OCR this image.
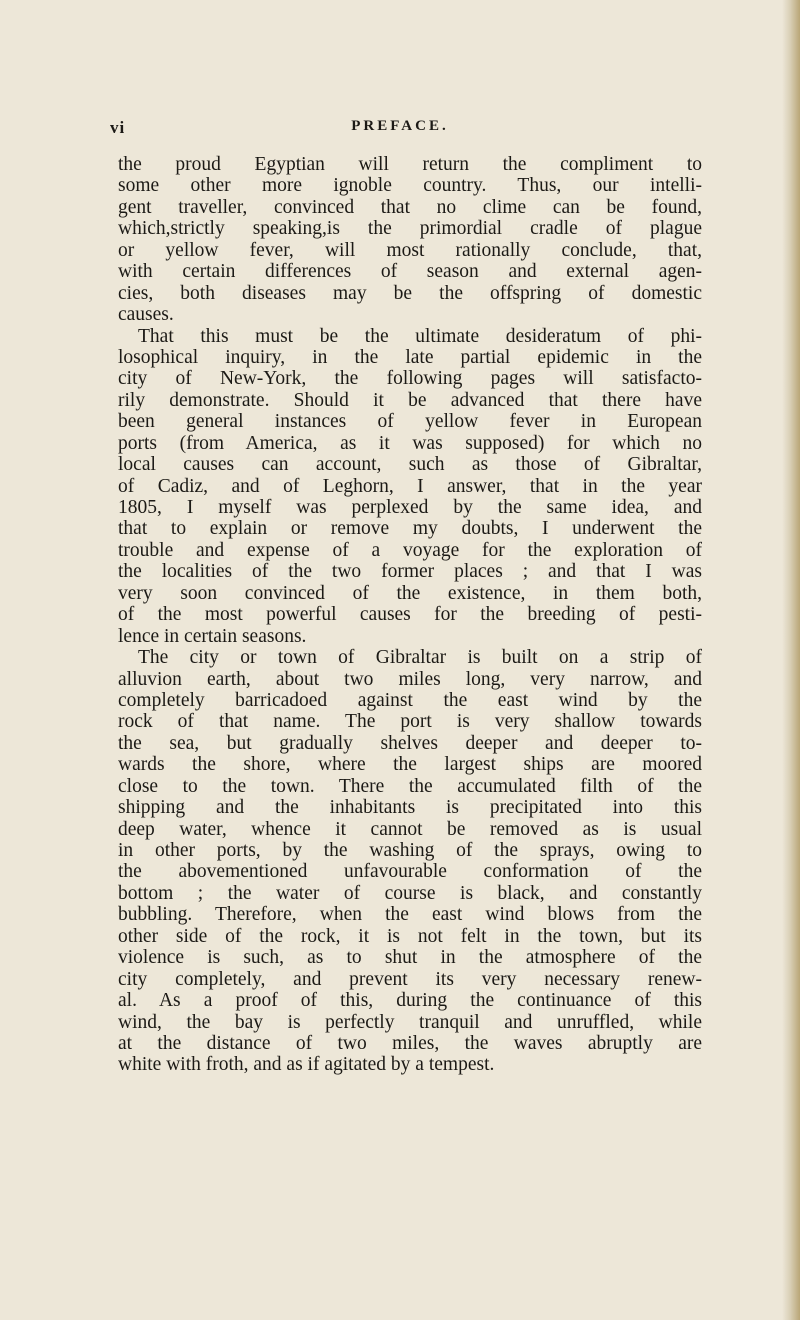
vi	PREFACE.
the proud Egyptian will return the compliment to
some other more ignoble country. Thus, our intelli-
gent traveller, convinced that no clime can be found,
which,strictly speaking,is the primordial cradle of plague
or yellow fever, will most rationally conclude, that,
with certain differences of season and external agen-
cies, both diseases may be the offspring of domestic
causes.
That this must be the ultimate desideratum of phi-
losophical inquiry, in the late partial epidemic in the
city of New-York, the following pages will satisfacto-
rily demonstrate. Should it be advanced that there have
been general instances of yellow fever in European
ports (from America, as it was supposed) for which no
local causes can account, such as those of Gibraltar,
of Cadiz, and of Leghorn, I answer, that in the year
1805, I myself was perplexed by the same idea, and
that to explain or remove my doubts, I underwent the
trouble and expense of a voyage for the exploration of
the localities of the two former places ; and that I was
very soon convinced of the existence, in them both,
of the most powerful causes for the breeding of pesti-
lence in certain seasons.
The city or town of Gibraltar is built on a strip of
alluvion earth, about two miles long, very narrow, and
completely barricadoed against the east wind by the
rock of that name. The port is very shallow towards
the sea, but gradually shelves deeper and deeper to-
wards the shore, where the largest ships are moored
close to the town. There the accumulated filth of the
shipping and the inhabitants is precipitated into this
deep water, whence it cannot be removed as is usual
in other ports, by the washing of the sprays, owing to
the abovementioned unfavourable conformation of the
bottom ; the water of course is black, and constantly
bubbling. Therefore, when the east wind blows from the
other side of the rock, it is not felt in the town, but its
violence is such, as to shut in the atmosphere of the
city completely, and prevent its very necessary renew-
al. As a proof of this, during the continuance of this
wind, the bay is perfectly tranquil and unruffled, while
at the distance of two miles, the waves abruptly are
white with froth, and as if agitated by a tempest.
